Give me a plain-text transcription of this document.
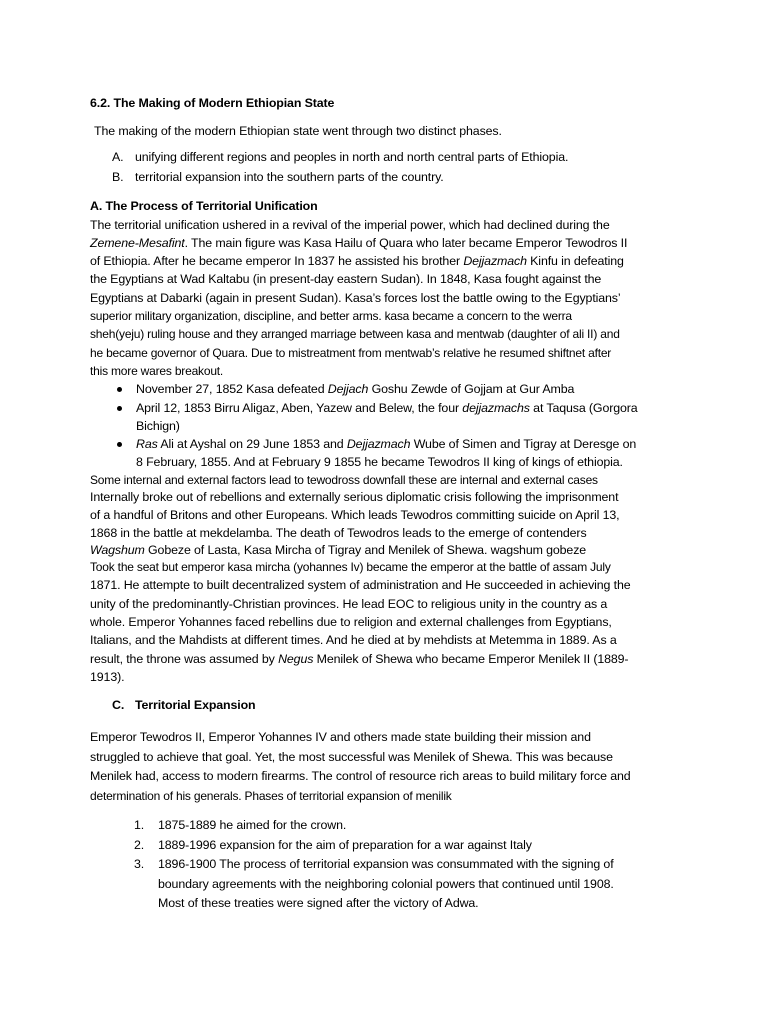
6.2. The Making of Modern Ethiopian State
The making of the modern Ethiopian state went through two distinct phases.
A. unifying different regions and peoples in north and north central parts of Ethiopia.
B. territorial expansion into the southern parts of the country.
A. The Process of Territorial Unification
The territorial unification ushered in a revival of the imperial power, which had declined during the
Zemene-Mesafint. The main figure was Kasa Hailu of Quara who later became Emperor Tewodros II
of Ethiopia. After he became emperor In 1837 he assisted his brother Dejjazmach Kinfu in defeating
the Egyptians at Wad Kaltabu (in present-day eastern Sudan). In 1848, Kasa fought against the
Egyptians at Dabarki (again in present Sudan). Kasa’s forces lost the battle owing to the Egyptians’
superior military organization, discipline, and better arms. kasa became a concern to the werra
sheh(yeju) ruling house and they arranged marriage between kasa and mentwab (daughter of ali II) and
he became governor of Quara. Due to mistreatment from mentwab’s relative he resumed shiftnet after
this more wares breakout.
November 27, 1852 Kasa defeated Dejjach Goshu Zewde of Gojjam at Gur Amba
April 12, 1853 Birru Aligaz, Aben, Yazew and Belew, the four dejjazmachs at Taqusa (Gorgora
Bichign)
Ras Ali at Ayshal on 29 June 1853 and Dejjazmach Wube of Simen and Tigray at Deresge on
8 February, 1855. And at February 9 1855 he became Tewodros II king of kings of ethiopia.
Some internal and external factors lead to tewodross downfall these are internal and external cases
Internally broke out of rebellions and externally serious diplomatic crisis following the imprisonment
of a handful of Britons and other Europeans. Which leads Tewodros committing suicide on April 13,
1868 in the battle at mekdelamba. The death of Tewodros leads to the emerge of contenders
Wagshum Gobeze of Lasta, Kasa Mircha of Tigray and Menilek of Shewa. wagshum gobeze
Took the seat but emperor kasa mircha (yohannes Iv) became the emperor at the battle of assam July
1871. He attempte to built decentralized system of administration and He succeeded in achieving the
unity of the predominantly-Christian provinces. He lead EOC to religious unity in the country as a
whole. Emperor Yohannes faced rebellins due to religion and external challenges from Egyptians,
Italians, and the Mahdists at different times. And he died at by mehdists at Metemma in 1889. As a
result, the throne was assumed by Negus Menilek of Shewa who became Emperor Menilek II (1889-
1913).
C. Territorial Expansion
Emperor Tewodros II, Emperor Yohannes IV and others made state building their mission and
struggled to achieve that goal. Yet, the most successful was Menilek of Shewa. This was because
Menilek had, access to modern firearms. The control of resource rich areas to build military force and
determination of his generals. Phases of territorial expansion of menilik
1. 1875-1889 he aimed for the crown.
2. 1889-1996 expansion for the aim of preparation for a war against Italy
3. 1896-1900 The process of territorial expansion was consummated with the signing of
boundary agreements with the neighboring colonial powers that continued until 1908.
Most of these treaties were signed after the victory of Adwa.
